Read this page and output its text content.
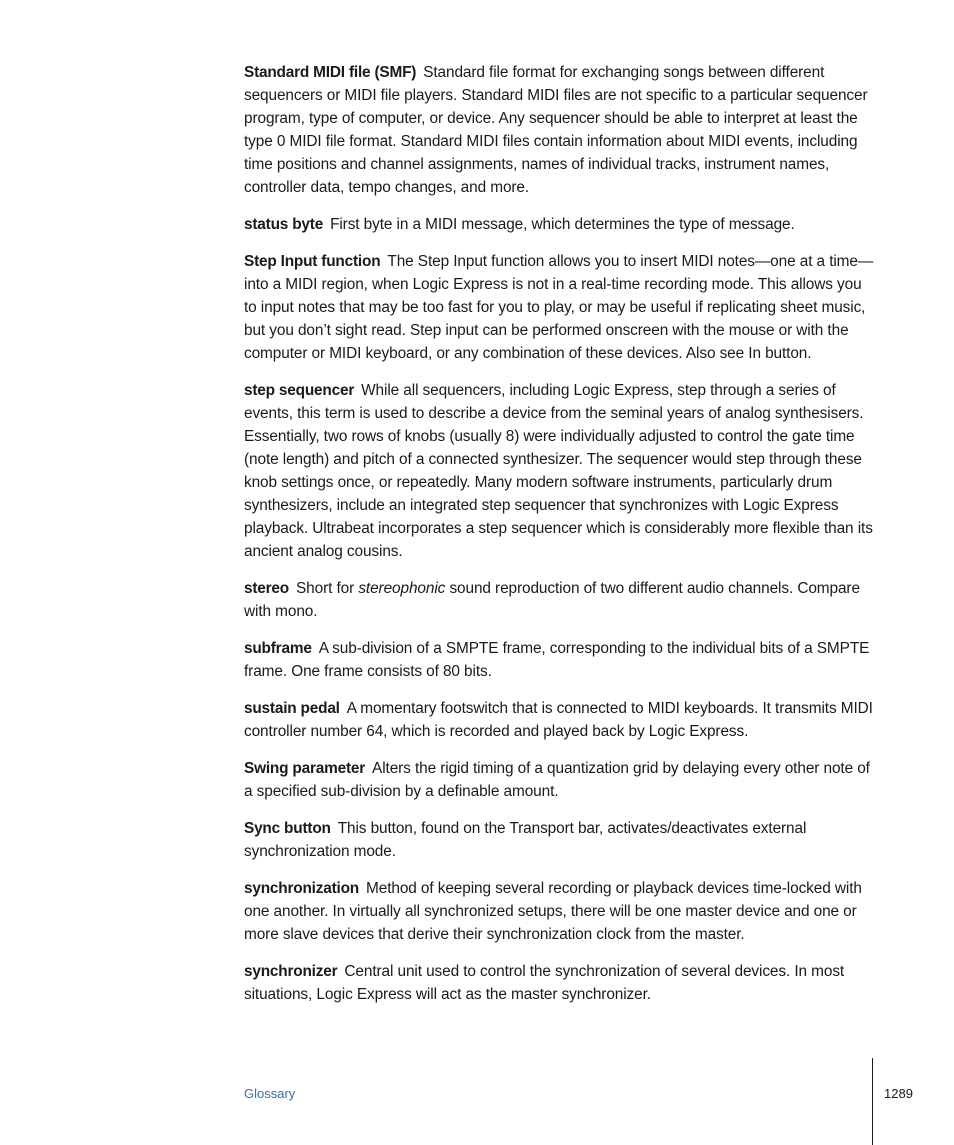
Standard MIDI file (SMF) Standard file format for exchanging songs between different sequencers or MIDI file players. Standard MIDI files are not specific to a particular sequencer program, type of computer, or device. Any sequencer should be able to interpret at least the type 0 MIDI file format. Standard MIDI files contain information about MIDI events, including time positions and channel assignments, names of individual tracks, instrument names, controller data, tempo changes, and more.

status byte First byte in a MIDI message, which determines the type of message.

Step Input function The Step Input function allows you to insert MIDI notes—one at a time—into a MIDI region, when Logic Express is not in a real-time recording mode. This allows you to input notes that may be too fast for you to play, or may be useful if replicating sheet music, but you don’t sight read. Step input can be performed onscreen with the mouse or with the computer or MIDI keyboard, or any combination of these devices. Also see In button.

step sequencer While all sequencers, including Logic Express, step through a series of events, this term is used to describe a device from the seminal years of analog synthesisers. Essentially, two rows of knobs (usually 8) were individually adjusted to control the gate time (note length) and pitch of a connected synthesizer. The sequencer would step through these knob settings once, or repeatedly. Many modern software instruments, particularly drum synthesizers, include an integrated step sequencer that synchronizes with Logic Express playback. Ultrabeat incorporates a step sequencer which is considerably more flexible than its ancient analog cousins.

stereo Short for stereophonic sound reproduction of two different audio channels. Compare with mono.

subframe A sub-division of a SMPTE frame, corresponding to the individual bits of a SMPTE frame. One frame consists of 80 bits.

sustain pedal A momentary footswitch that is connected to MIDI keyboards. It transmits MIDI controller number 64, which is recorded and played back by Logic Express.

Swing parameter Alters the rigid timing of a quantization grid by delaying every other note of a specified sub-division by a definable amount.

Sync button This button, found on the Transport bar, activates/deactivates external synchronization mode.

synchronization Method of keeping several recording or playback devices time-locked with one another. In virtually all synchronized setups, there will be one master device and one or more slave devices that derive their synchronization clock from the master.

synchronizer Central unit used to control the synchronization of several devices. In most situations, Logic Express will act as the master synchronizer.

Glossary	1289
